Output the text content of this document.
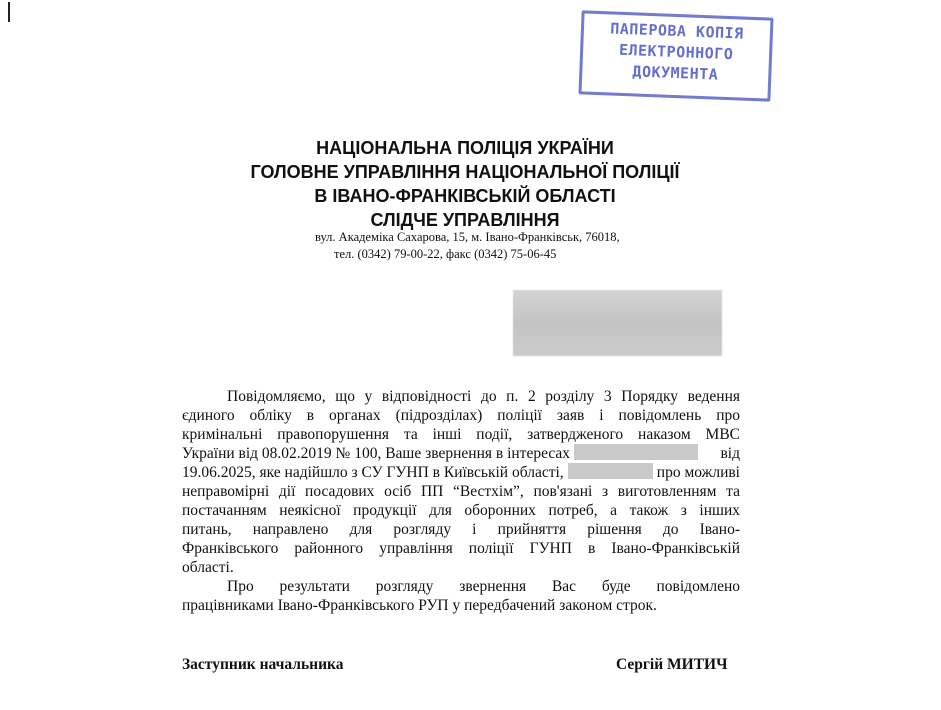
ПАПЕРОВА КОПІЯ
ЕЛЕКТРОННОГО
ДОКУМЕНТА
НАЦІОНАЛЬНА ПОЛІЦІЯ УКРАЇНИ
ГОЛОВНЕ УПРАВЛІННЯ НАЦІОНАЛЬНОЇ ПОЛІЦІЇ
В ІВАНО-ФРАНКІВСЬКІЙ ОБЛАСТІ
СЛІДЧЕ УПРАВЛІННЯ
вул. Академіка Сахарова, 15, м. Івано-Франківськ, 76018,
тел. (0342) 79-00-22, факс (0342) 75-06-45
Повідомляємо, що у відповідності до п. 2 розділу 3 Порядку ведення
єдиного обліку в органах (підрозділах) поліції заяв і повідомлень про
кримінальні правопорушення та інші події, затвердженого наказом МВС
України від 08.02.2019 № 100, Ваше звернення в інтересах	від
19.06.2025, яке надійшло з СУ ГУНП в Київській області,	про можливі
неправомірні дії посадових осіб ПП “Вестхім”, пов'язані з виготовленням та
постачанням неякісної продукції для оборонних потреб, а також з інших
питань, направлено для розгляду і прийняття рішення до Івано-
Франківського районного управління поліції ГУНП в Івано-Франківській
області.
Про результати розгляду звернення Вас буде повідомлено
працівниками Івано-Франківського РУП у передбачений законом строк.
Заступник начальника	Сергій МИТИЧ
